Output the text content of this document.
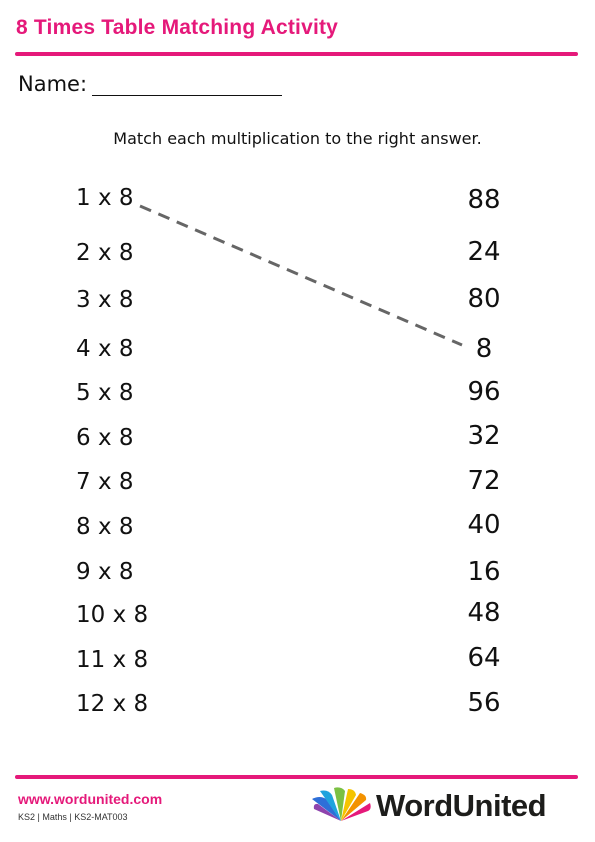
8 Times Table Matching Activity
Name:
Match each multiplication to the right answer.
1 x 8
2 x 8
3 x 8
4 x 8
5 x 8
6 x 8
7 x 8
8 x 8
9 x 8
10 x 8
11 x 8
12 x 8
88
24
80
8
96
32
72
40
16
48
64
56
www.wordunited.com
KS2 | Maths | KS2-MAT003	WordUnited
